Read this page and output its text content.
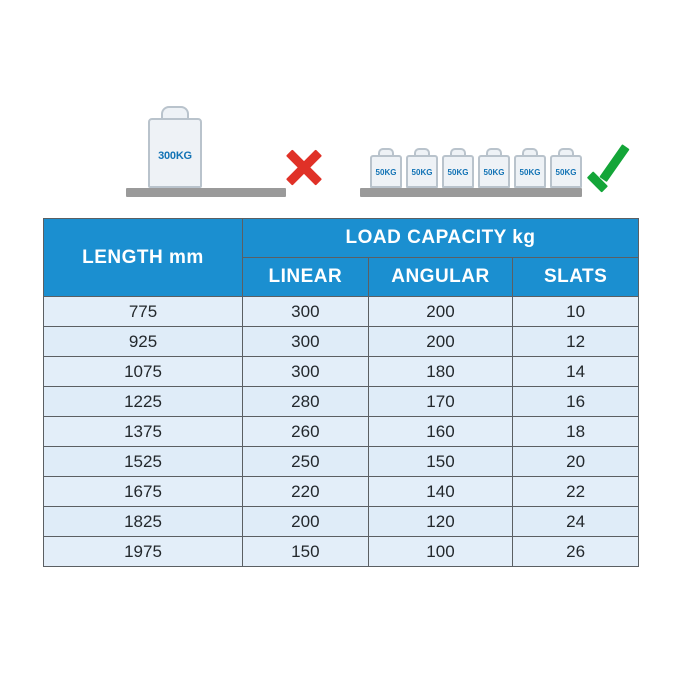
300KG
50KG	50KG	50KG	50KG	50KG	50KG
LENGTH mm	LOAD CAPACITY kg		
	LINEAR	ANGULAR	SLATS
775	300	200	10
925	300	200	12
1075	300	180	14
1225	280	170	16
1375	260	160	18
1525	250	150	20
1675	220	140	22
1825	200	120	24
1975	150	100	26
